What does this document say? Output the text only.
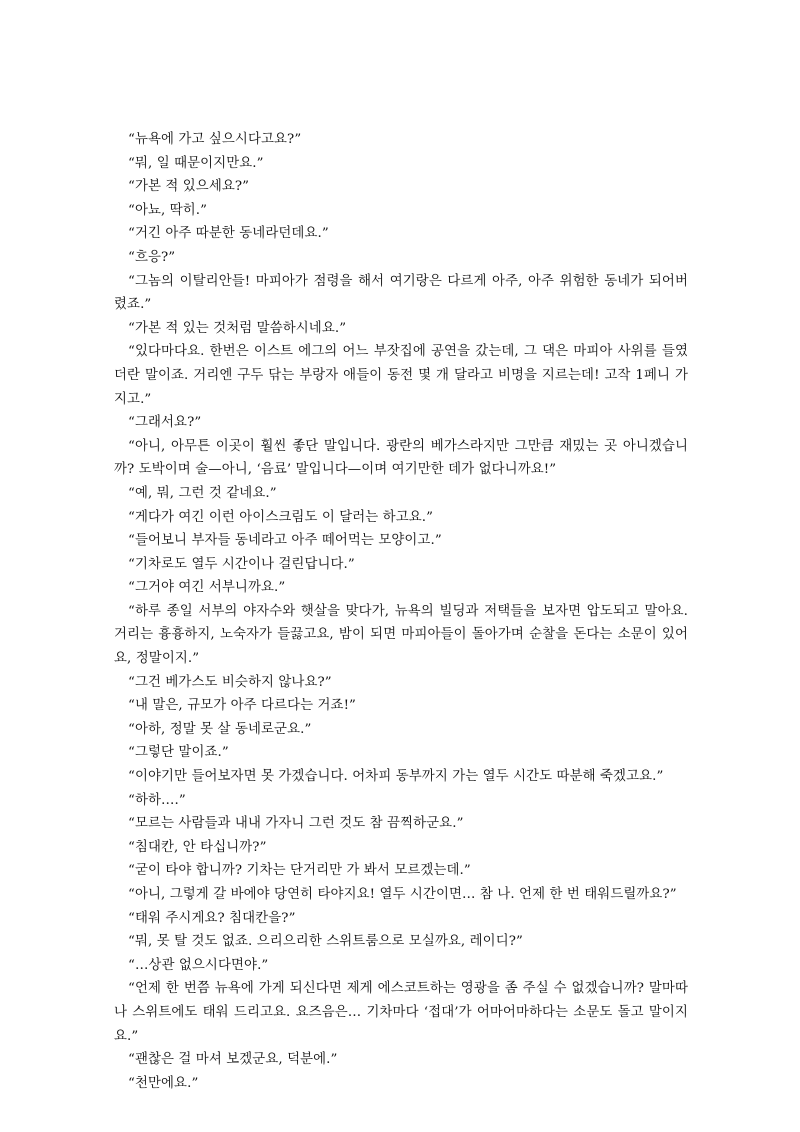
“뉴욕에 가고 싶으시다고요?”

“뭐, 일 때문이지만요.”

“가본 적 있으세요?”

“아뇨, 딱히.”

“거긴 아주 따분한 동네라던데요.”

“흐응?”

“그놈의 이탈리안들! 마피아가 점령을 해서 여기랑은 다르게 아주, 아주 위험한 동네가 되어버렸죠.”

“가본 적 있는 것처럼 말씀하시네요.”

“있다마다요. 한번은 이스트 에그의 어느 부잣집에 공연을 갔는데, 그 댁은 마피아 사위를 들였더란 말이죠. 거리엔 구두 닦는 부랑자 애들이 동전 몇 개 달라고 비명을 지르는데! 고작 1페니 가지고.”

“그래서요?”

“아니, 아무튼 이곳이 훨씬 좋단 말입니다. 광란의 베가스라지만 그만큼 재밌는 곳 아니겠습니까? 도박이며 술—아니, ‘음료’ 말입니다—이며 여기만한 데가 없다니까요!”

“예, 뭐, 그런 것 같네요.”

“게다가 여긴 이런 아이스크림도 이 달러는 하고요.”

“들어보니 부자들 동네라고 아주 떼어먹는 모양이고.”

“기차로도 열두 시간이나 걸린답니다.”

“그거야 여긴 서부니까요.”

“하루 종일 서부의 야자수와 햇살을 맞다가, 뉴욕의 빌딩과 저택들을 보자면 압도되고 말아요. 거리는 흉흉하지, 노숙자가 들끓고요, 밤이 되면 마피아들이 돌아가며 순찰을 돈다는 소문이 있어요, 정말이지.”

“그건 베가스도 비슷하지 않나요?”

“내 말은, 규모가 아주 다르다는 거죠!”

“아하, 정말 못 살 동네로군요.”

“그렇단 말이죠.”

“이야기만 들어보자면 못 가겠습니다. 어차피 동부까지 가는 열두 시간도 따분해 죽겠고요.”

“하하….”

“모르는 사람들과 내내 가자니 그런 것도 참 끔찍하군요.”

“침대칸, 안 타십니까?”

“굳이 타야 합니까? 기차는 단거리만 가 봐서 모르겠는데.”

“아니, 그렇게 갈 바에야 당연히 타야지요! 열두 시간이면… 참 나. 언제 한 번 태워드릴까요?”

“태워 주시게요? 침대칸을?”

“뭐, 못 탈 것도 없죠. 으리으리한 스위트룸으로 모실까요, 레이디?”

“…상관 없으시다면야.”

“언제 한 번쯤 뉴욕에 가게 되신다면 제게 에스코트하는 영광을 좀 주실 수 없겠습니까? 말마따나 스위트에도 태워 드리고요. 요즈음은… 기차마다 ‘접대’가 어마어마하다는 소문도 돌고 말이지요.”

“괜찮은 걸 마셔 보겠군요, 덕분에.”

“천만에요.”
